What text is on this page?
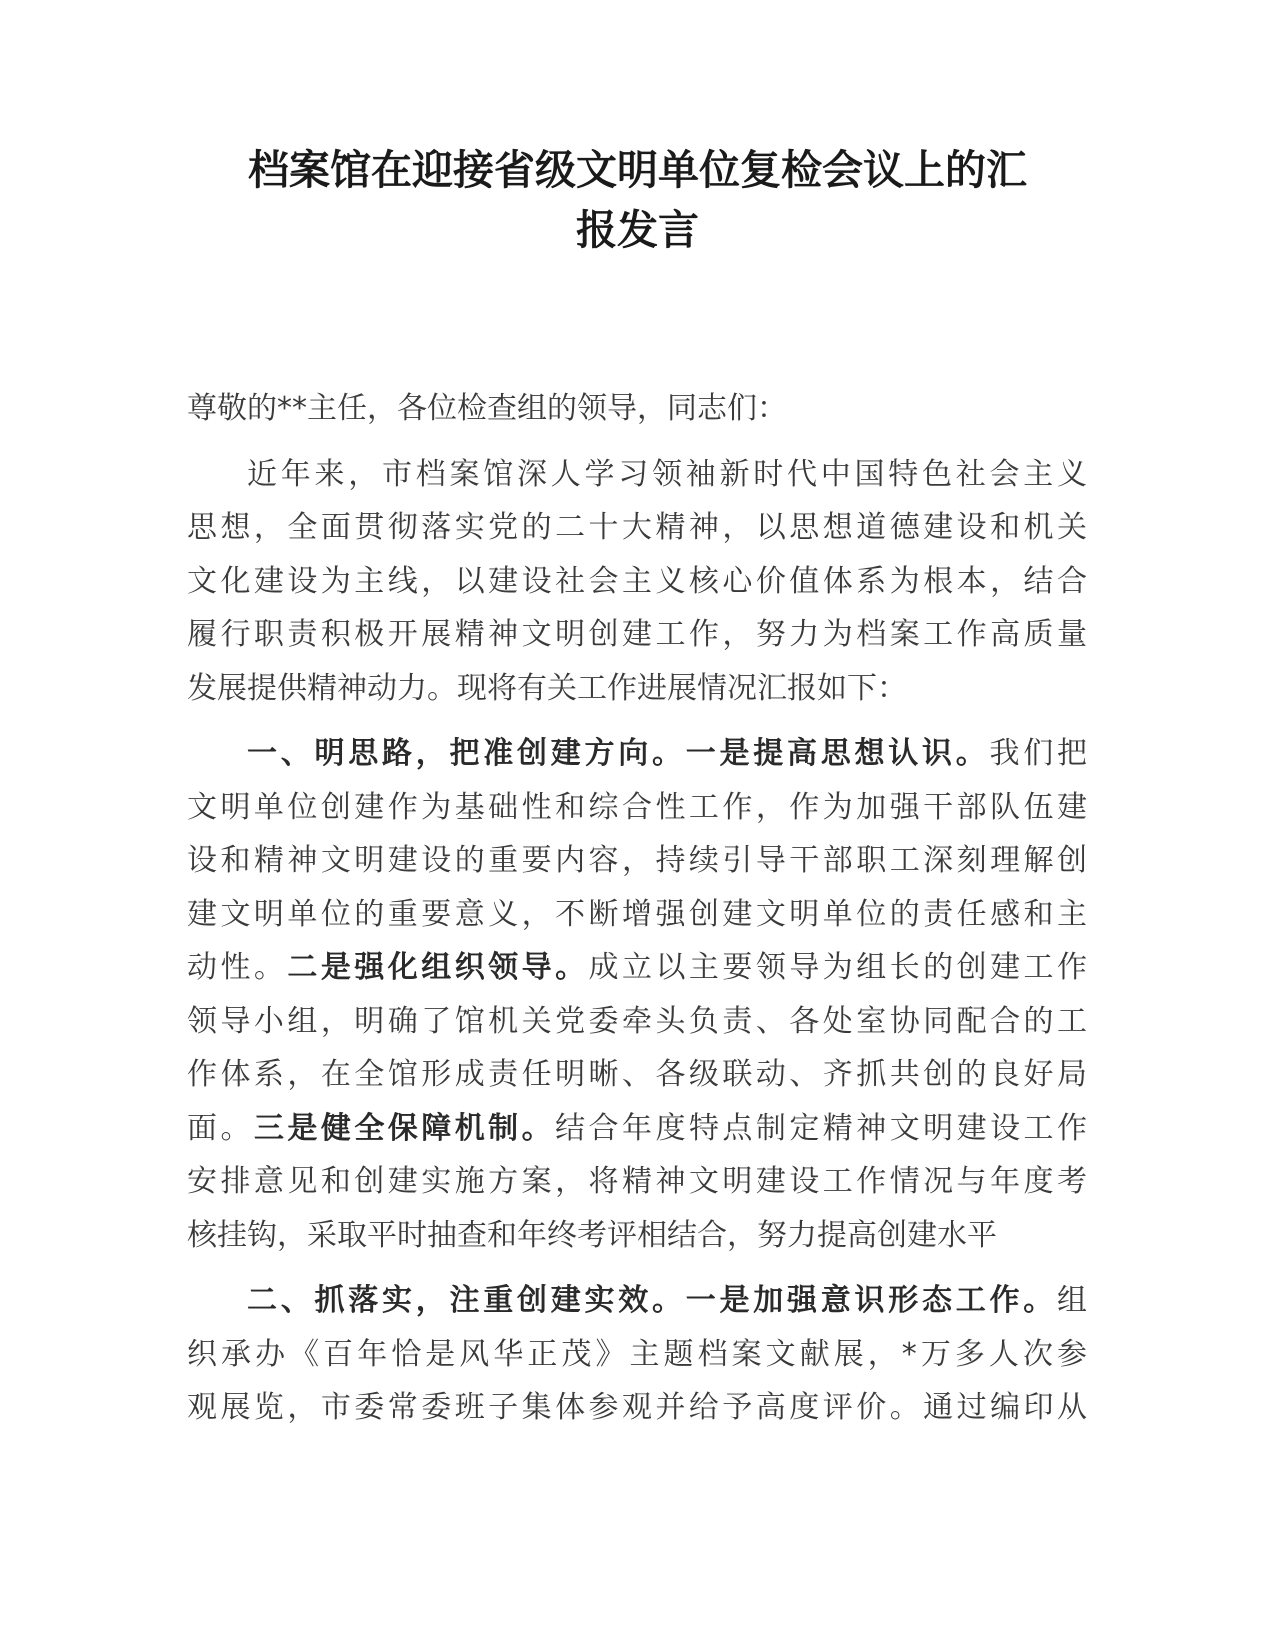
档案馆在迎接省级文明单位复检会议上的汇
报发言

尊敬的**主任，各位检查组的领导，同志们：

近年来，市档案馆深人学习领袖新时代中国特色社会主义
思想，全面贯彻落实党的二十大精神，以思想道德建设和机关
文化建设为主线，以建设社会主义核心价值体系为根本，结合
履行职责积极开展精神文明创建工作，努力为档案工作高质量
发展提供精神动力。现将有关工作进展情况汇报如下：

一、明思路，把准创建方向。一是提高思想认识。我们把
文明单位创建作为基础性和综合性工作，作为加强干部队伍建
设和精神文明建设的重要内容，持续引导干部职工深刻理解创
建文明单位的重要意义，不断增强创建文明单位的责任感和主
动性。二是强化组织领导。成立以主要领导为组长的创建工作
领导小组，明确了馆机关党委牵头负责、各处室协同配合的工
作体系，在全馆形成责任明晰、各级联动、齐抓共创的良好局
面。三是健全保障机制。结合年度特点制定精神文明建设工作
安排意见和创建实施方案，将精神文明建设工作情况与年度考
核挂钩，采取平时抽查和年终考评相结合，努力提高创建水平

二、抓落实，注重创建实效。一是加强意识形态工作。组
织承办《百年恰是风华正茂》主题档案文献展，*万多人次参
观展览，市委常委班子集体参观并给予高度评价。通过编印从
